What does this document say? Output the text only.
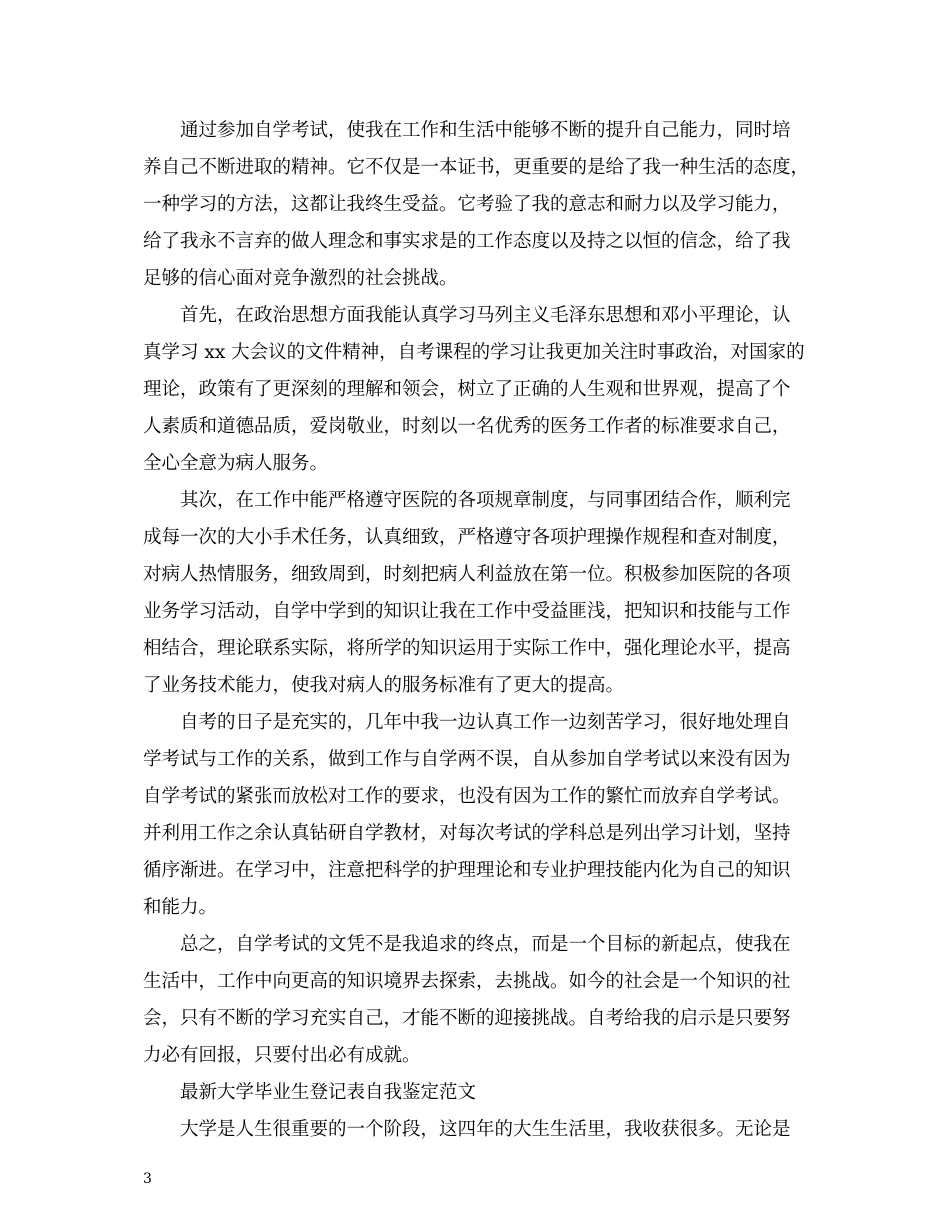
通过参加自学考试，使我在工作和生活中能够不断的提升自己能力，同时培
养自己不断进取的精神。它不仅是一本证书，更重要的是给了我一种生活的态度，
一种学习的方法，这都让我终生受益。它考验了我的意志和耐力以及学习能力，
给了我永不言弃的做人理念和事实求是的工作态度以及持之以恒的信念，给了我
足够的信心面对竞争激烈的社会挑战。
首先，在政治思想方面我能认真学习马列主义毛泽东思想和邓小平理论，认
真学习 xx 大会议的文件精神，自考课程的学习让我更加关注时事政治，对国家的
理论，政策有了更深刻的理解和领会，树立了正确的人生观和世界观，提高了个
人素质和道德品质，爱岗敬业，时刻以一名优秀的医务工作者的标准要求自己，
全心全意为病人服务。
其次，在工作中能严格遵守医院的各项规章制度，与同事团结合作，顺利完
成每一次的大小手术任务，认真细致，严格遵守各项护理操作规程和查对制度，
对病人热情服务，细致周到，时刻把病人利益放在第一位。积极参加医院的各项
业务学习活动，自学中学到的知识让我在工作中受益匪浅，把知识和技能与工作
相结合，理论联系实际，将所学的知识运用于实际工作中，强化理论水平，提高
了业务技术能力，使我对病人的服务标准有了更大的提高。
自考的日子是充实的，几年中我一边认真工作一边刻苦学习，很好地处理自
学考试与工作的关系，做到工作与自学两不误，自从参加自学考试以来没有因为
自学考试的紧张而放松对工作的要求，也没有因为工作的繁忙而放弃自学考试。
并利用工作之余认真钻研自学教材，对每次考试的学科总是列出学习计划，坚持
循序渐进。在学习中，注意把科学的护理理论和专业护理技能内化为自己的知识
和能力。
总之，自学考试的文凭不是我追求的终点，而是一个目标的新起点，使我在
生活中，工作中向更高的知识境界去探索，去挑战。如今的社会是一个知识的社
会，只有不断的学习充实自己，才能不断的迎接挑战。自考给我的启示是只要努
力必有回报，只要付出必有成就。
最新大学毕业生登记表自我鉴定范文
大学是人生很重要的一个阶段，这四年的大生生活里，我收获很多。无论是
3
